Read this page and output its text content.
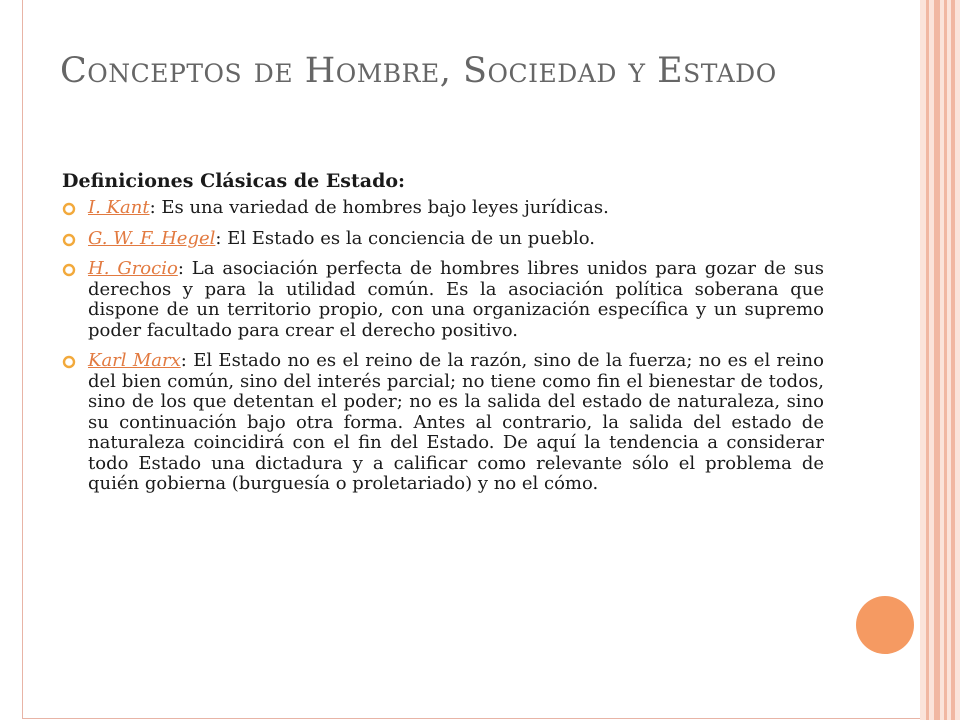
Conceptos de Hombre, Sociedad y Estado
Definiciones Clásicas de Estado:
I. Kant: Es una variedad de hombres bajo leyes jurídicas.
G. W. F. Hegel: El Estado es la conciencia de un pueblo.
H. Grocio: La asociación perfecta de hombres libres unidos para gozar de sus derechos y para la utilidad común. Es la asociación política soberana que dispone de un territorio propio, con una organización específica y un supremo poder facultado para crear el derecho positivo.
Karl Marx: El Estado no es el reino de la razón, sino de la fuerza; no es el reino del bien común, sino del interés parcial; no tiene como fin el bienestar de todos, sino de los que detentan el poder; no es la salida del estado de naturaleza, sino su continuación bajo otra forma. Antes al contrario, la salida del estado de naturaleza coincidirá con el fin del Estado. De aquí la tendencia a considerar todo Estado una dictadura y a calificar como relevante sólo el problema de quién gobierna (burguesía o proletariado) y no el cómo.
